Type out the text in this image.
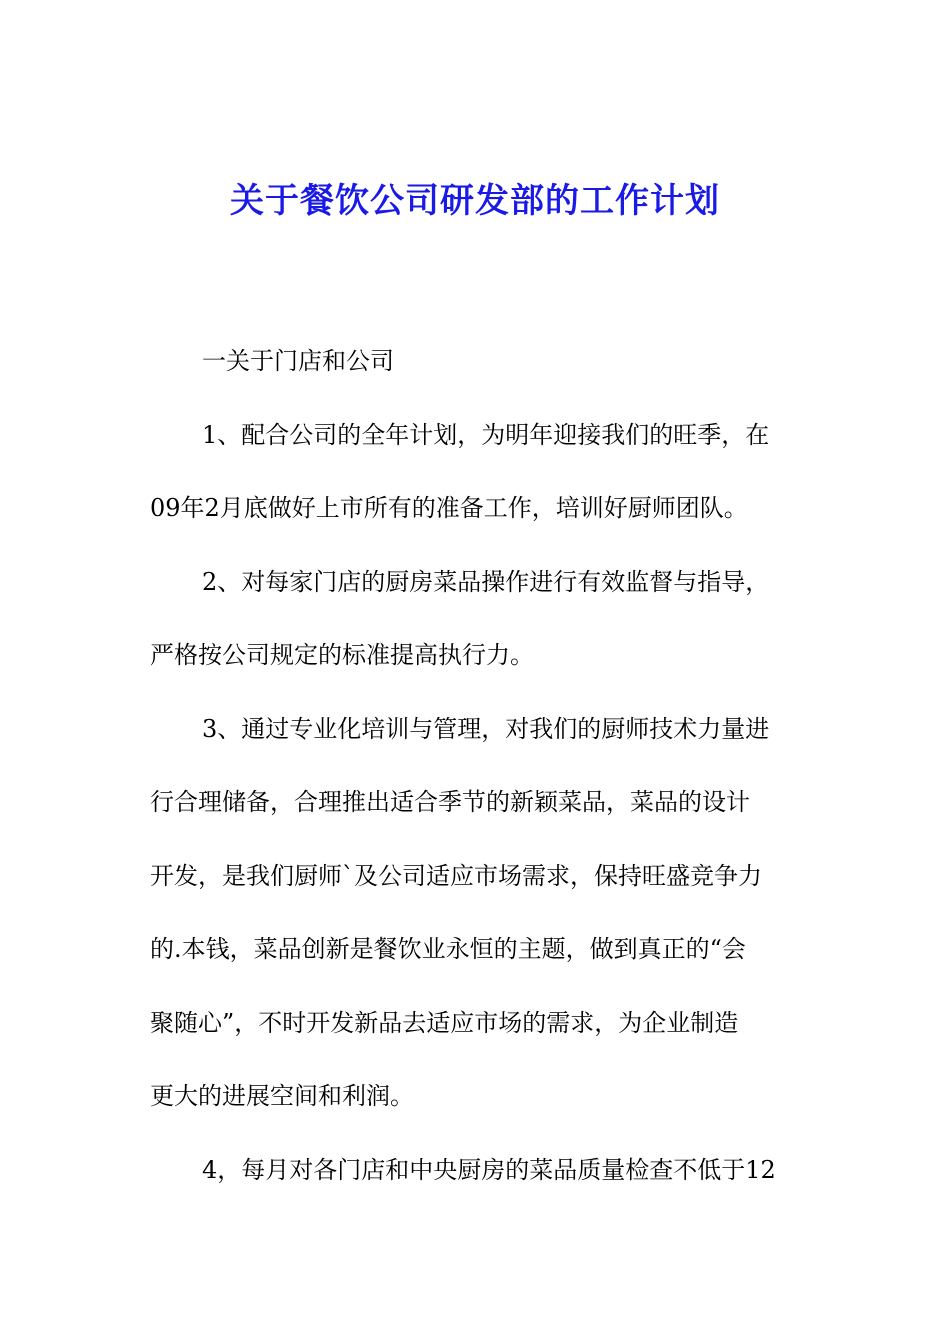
关于餐饮公司研发部的工作计划
一关于门店和公司
1、配合公司的全年计划，为明年迎接我们的旺季，在
09年2月底做好上市所有的准备工作，培训好厨师团队。
2、对每家门店的厨房菜品操作进行有效监督与指导，
严格按公司规定的标准提高执行力。
3、通过专业化培训与管理，对我们的厨师技术力量进
行合理储备，合理推出适合季节的新颖菜品，菜品的设计
开发，是我们厨师`及公司适应市场需求，保持旺盛竞争力
的.本钱，菜品创新是餐饮业永恒的主题，做到真正的“会
聚随心”，不时开发新品去适应市场的需求，为企业制造
更大的进展空间和利润。
4，每月对各门店和中央厨房的菜品质量检查不低于12
